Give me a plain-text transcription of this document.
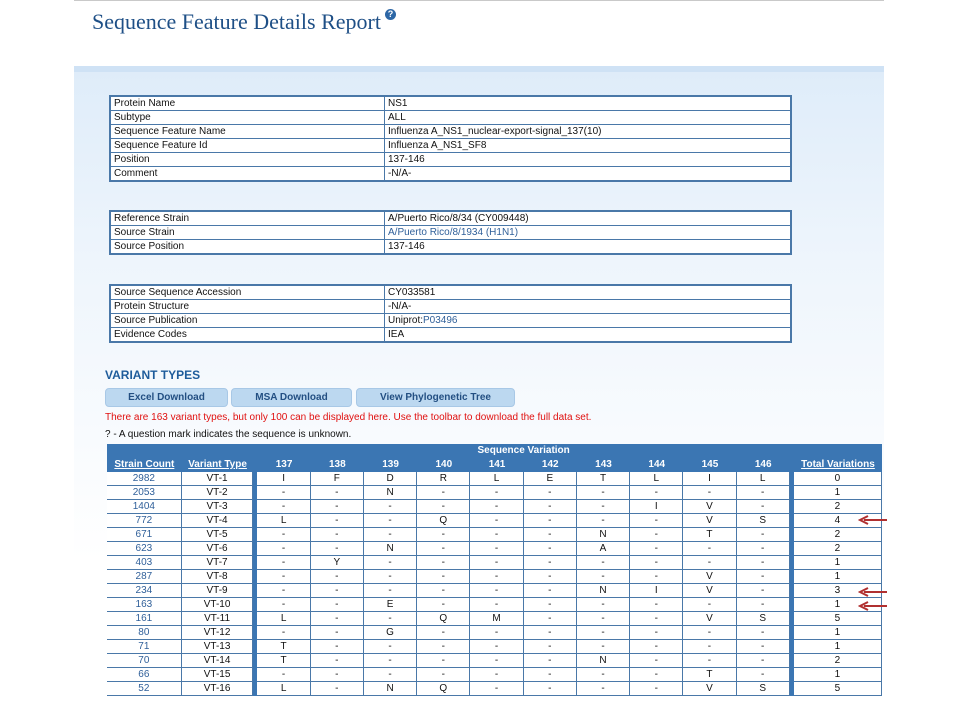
Sequence Feature Details Report ?
Protein Name	NS1
Subtype	ALL
Sequence Feature Name	Influenza A_NS1_nuclear-export-signal_137(10)
Sequence Feature Id	Influenza A_NS1_SF8
Position	137-146
Comment	-N/A-
Reference Strain	A/Puerto Rico/8/34 (CY009448)
Source Strain	A/Puerto Rico/8/1934 (H1N1)
Source Position	137-146
Source Sequence Accession	CY033581
Protein Structure	-N/A-
Source Publication	Uniprot:P03496
Evidence Codes	IEA
VARIANT TYPES
Excel Download	MSA Download	View Phylogenetic Tree
There are 163 variant types, but only 100 can be displayed here. Use the toolbar to download the full data set.
? - A question mark indicates the sequence is unknown.
			Sequence Variation											
Strain Count	Variant Type		137	138	139	140	141	142	143	144	145	146		Total Variations
2982	VT-1		I	F	D	R	L	E	T	L	I	L		0
2053	VT-2		-	-	N	-	-	-	-	-	-	-		1
1404	VT-3		-	-	-	-	-	-	-	I	V	-		2
772	VT-4		L	-	-	Q	-	-	-	-	V	S		4
671	VT-5		-	-	-	-	-	-	N	-	T	-		2
623	VT-6		-	-	N	-	-	-	A	-	-	-		2
403	VT-7		-	Y	-	-	-	-	-	-	-	-		1
287	VT-8		-	-	-	-	-	-	-	-	V	-		1
234	VT-9		-	-	-	-	-	-	N	I	V	-		3
163	VT-10		-	-	E	-	-	-	-	-	-	-		1
161	VT-11		L	-	-	Q	M	-	-	-	V	S		5
80	VT-12		-	-	G	-	-	-	-	-	-	-		1
71	VT-13		T	-	-	-	-	-	-	-	-	-		1
70	VT-14		T	-	-	-	-	-	N	-	-	-		2
66	VT-15		-	-	-	-	-	-	-	-	T	-		1
52	VT-16		L	-	N	Q	-	-	-	-	V	S		5
